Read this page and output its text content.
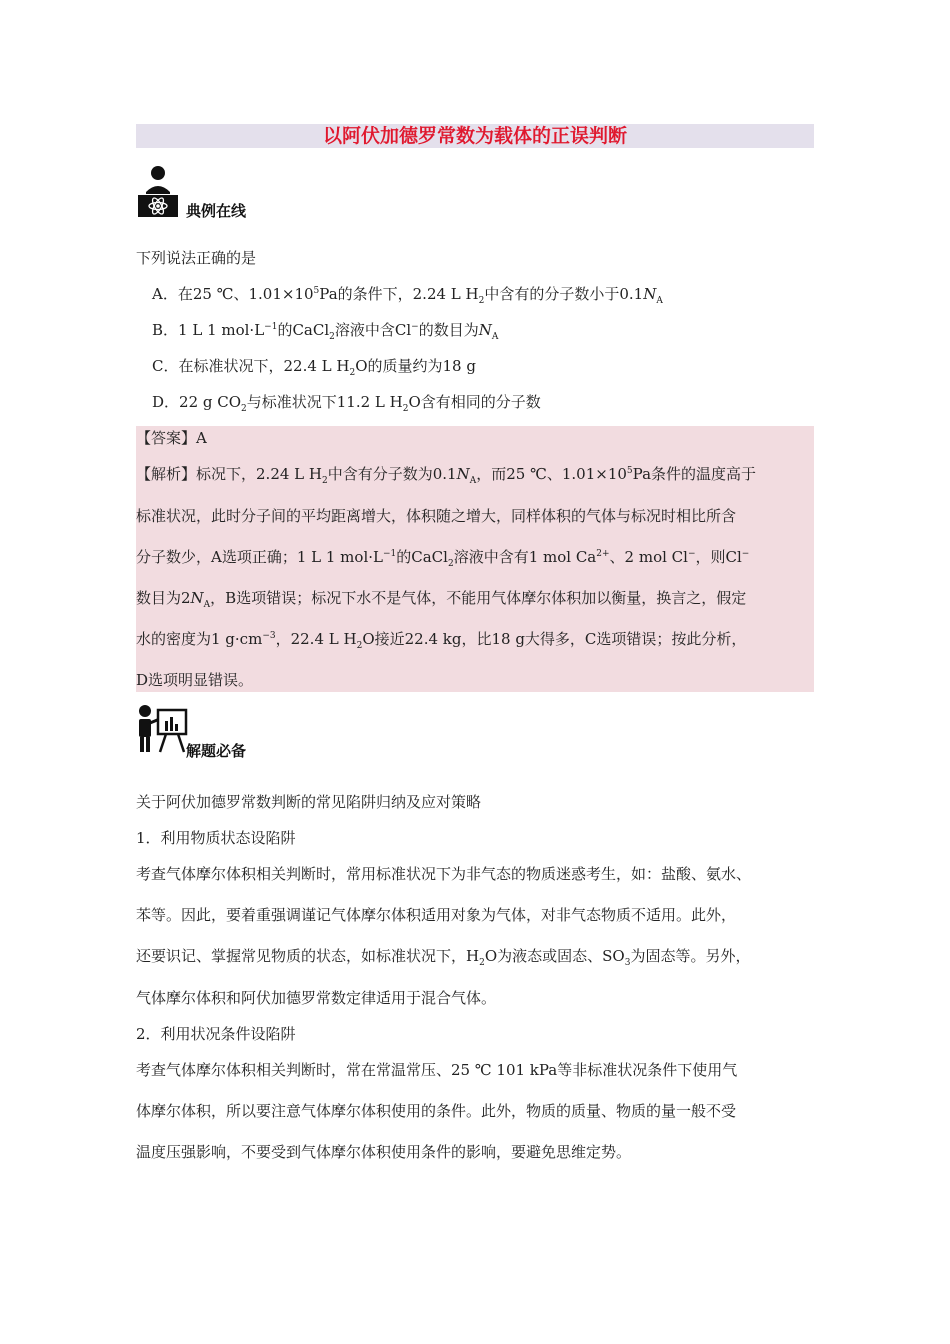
以阿伏加德罗常数为载体的正误判断
典例在线
下列说法正确的是
A．在25 ℃、$1.01\times 10^5Pa$的条件下，2.24 L $H_2$中含有的分子数小于$0.1N_A$
B．1 L 1 $mol\cdot L^{-1}$的CaCl$_2$溶液中含Cl−的数目为$N_A$
C．在标准状况下，22.4 L $H_2O$的质量约为18 g
D．22 g $CO_2$与标准状况下11.2 L $H_2O$含有相同的分子数
【答案】A
【解析】标况下，2.24 L $H_2$中含有分子数为$0.1N_A$，而25 ℃、$1.01\times 10^5Pa$条件的温度高于
标准状况，此时分子间的平均距离增大，体积随之增大，同样体积的气体与标况时相比所含
分子数少，A选项正确；1 L 1 $mol\cdot L^{-1}$的CaCl$_2$溶液中含有1 mol $Ca^{2+}$、2 mol Cl−，则Cl−
数目为$2N_A$，B选项错误；标况下水不是气体，不能用气体摩尔体积加以衡量，换言之，假定
水的密度为1 $g\cdot cm^{-3}$，22.4 L $H_2O$接近22.4 kg，比18 g大得多，C选项错误；按此分析，
D选项明显错误。
解题必备
关于阿伏加德罗常数判断的常见陷阱归纳及应对策略
1．利用物质状态设陷阱
考查气体摩尔体积相关判断时，常用标准状况下为非气态的物质迷惑考生，如：盐酸、氨水、
苯等。因此，要着重强调谨记气体摩尔体积适用对象为气体，对非气态物质不适用。此外，
还要识记、掌握常见物质的状态，如标准状况下，$H_2O$为液态或固态、$SO_3$为固态等。另外，
气体摩尔体积和阿伏加德罗常数定律适用于混合气体。
2．利用状况条件设陷阱
考查气体摩尔体积相关判断时，常在常温常压、25 ℃ 101 kPa等非标准状况条件下使用气
体摩尔体积，所以要注意气体摩尔体积使用的条件。此外，物质的质量、物质的量一般不受
温度压强影响，不要受到气体摩尔体积使用条件的影响，要避免思维定势。
